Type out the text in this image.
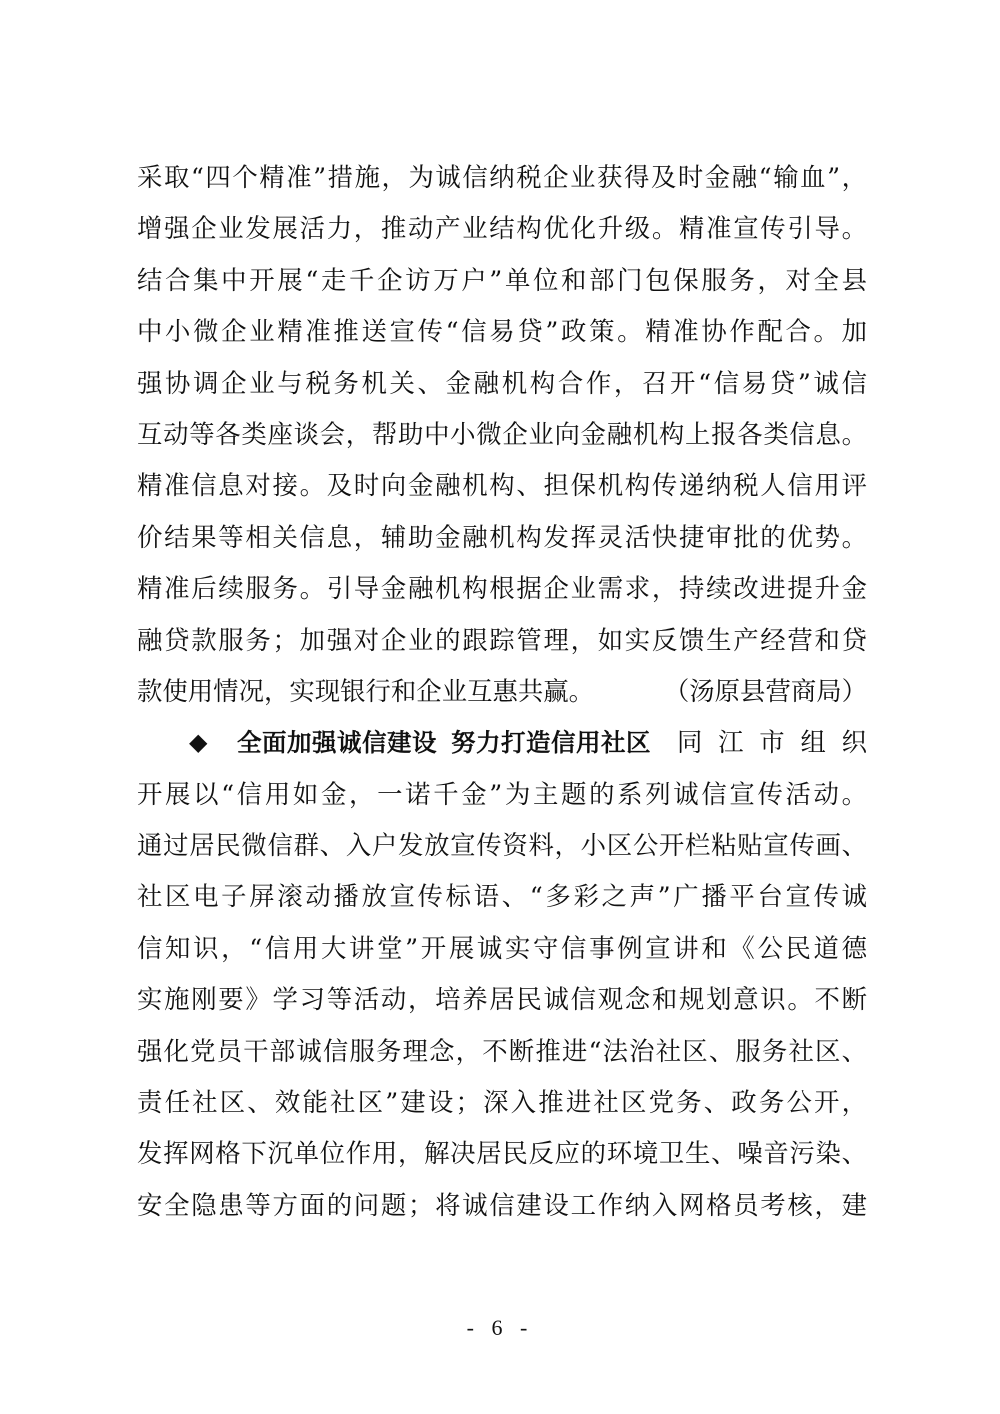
采取“四个精准”措施，为诚信纳税企业获得及时金融“输血”，
增强企业发展活力，推动产业结构优化升级。精准宣传引导。
结合集中开展“走千企访万户”单位和部门包保服务，对全县
中小微企业精准推送宣传“信易贷”政策。精准协作配合。加
强协调企业与税务机关、金融机构合作，召开“信易贷”诚信
互动等各类座谈会，帮助中小微企业向金融机构上报各类信息。
精准信息对接。及时向金融机构、担保机构传递纳税人信用评
价结果等相关信息，辅助金融机构发挥灵活快捷审批的优势。
精准后续服务。引导金融机构根据企业需求，持续改进提升金
融贷款服务；加强对企业的跟踪管理，如实反馈生产经营和贷
款使用情况，实现银行和企业互惠共赢。	（汤原县营商局）
◆	全面加强诚信建设 努力打造信用社区 同江市组织
开展以“信用如金，一诺千金”为主题的系列诚信宣传活动。
通过居民微信群、入户发放宣传资料，小区公开栏粘贴宣传画、
社区电子屏滚动播放宣传标语、“多彩之声”广播平台宣传诚
信知识，“信用大讲堂”开展诚实守信事例宣讲和《公民道德
实施刚要》学习等活动，培养居民诚信观念和规划意识。不断
强化党员干部诚信服务理念，不断推进“法治社区、服务社区、
责任社区、效能社区”建设；深入推进社区党务、政务公开，
发挥网格下沉单位作用，解决居民反应的环境卫生、噪音污染、
安全隐患等方面的问题；将诚信建设工作纳入网格员考核，建
- 6 -
